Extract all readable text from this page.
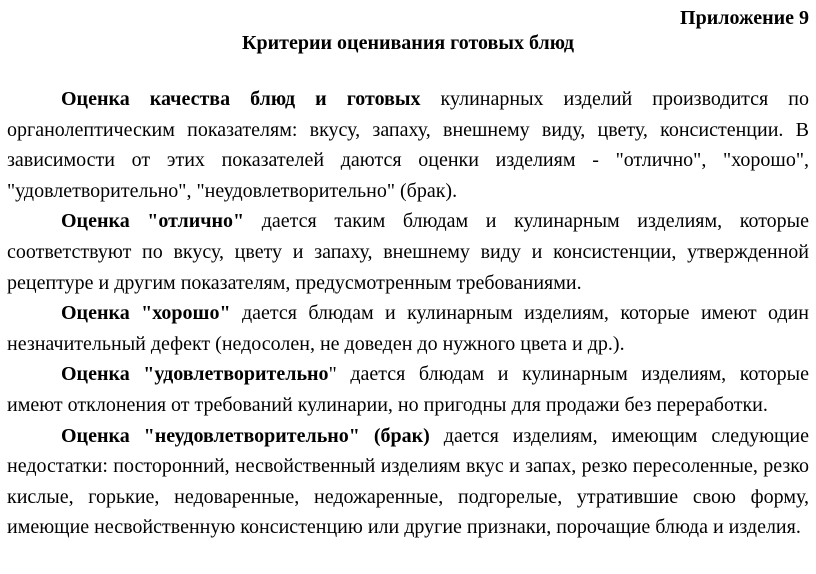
Приложение 9

Критерии оценивания готовых блюд

Оценка качества блюд и готовых кулинарных изделий производится по органолептическим показателям: вкусу, запаху, внешнему виду, цвету, консистенции. В зависимости от этих показателей даются оценки изделиям - "отлично", "хорошо", "удовлетворительно", "неудовлетворительно" (брак).

Оценка "отлично" дается таким блюдам и кулинарным изделиям, которые соответствуют по вкусу, цвету и запаху, внешнему виду и консистенции, утвержденной рецептуре и другим показателям, предусмотренным требованиями.

Оценка "хорошо" дается блюдам и кулинарным изделиям, которые имеют один незначительный дефект (недосолен, не доведен до нужного цвета и др.).

Оценка "удовлетворительно" дается блюдам и кулинарным изделиям, которые имеют отклонения от требований кулинарии, но пригодны для продажи без переработки.

Оценка "неудовлетворительно" (брак) дается изделиям, имеющим следующие недостатки: посторонний, несвойственный изделиям вкус и запах, резко пересоленные, резко кислые, горькие, недоваренные, недожаренные, подгорелые, утратившие свою форму, имеющие несвойственную консистенцию или другие признаки, порочащие блюда и изделия.
